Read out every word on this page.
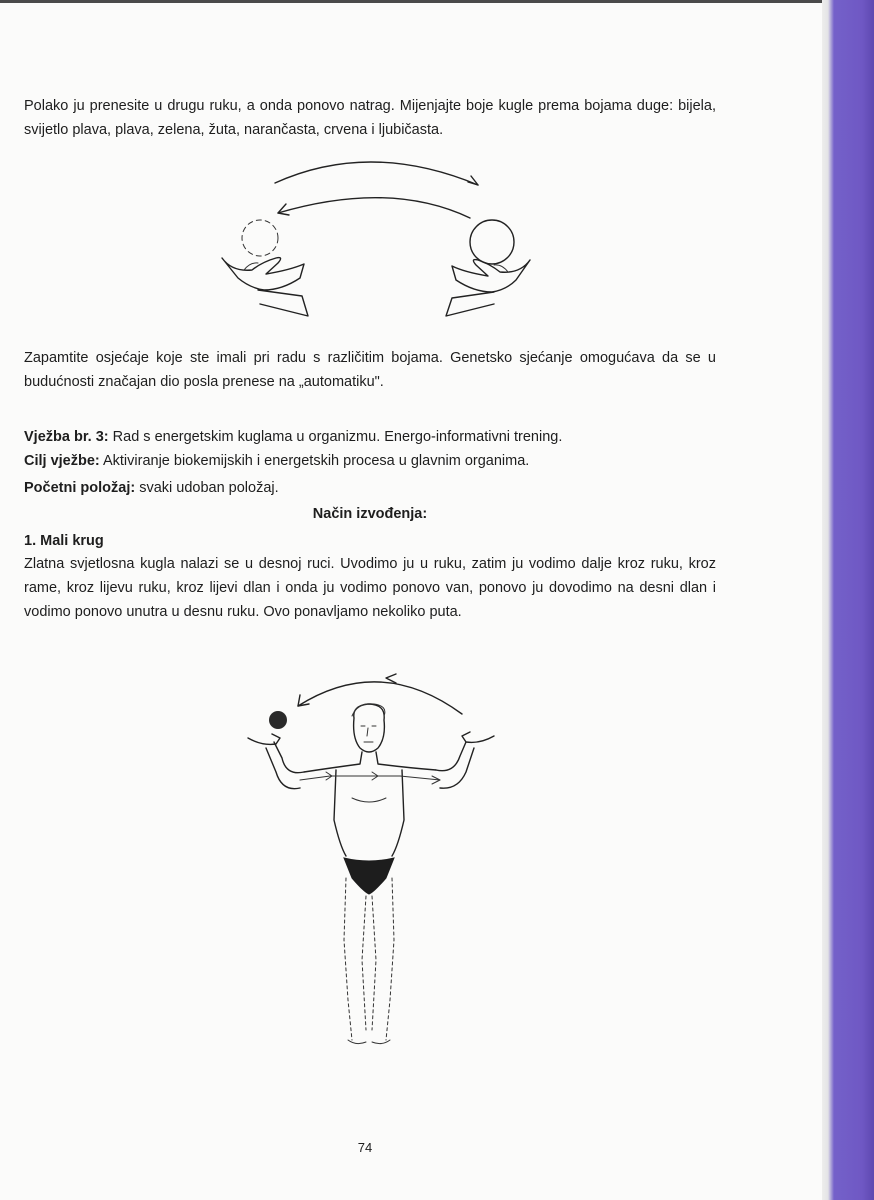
Polako ju prenesite u drugu ruku, a onda ponovo natrag. Mijenjajte boje kugle prema bojama duge: bijela, svijetlo plava, plava, zelena, žuta, narančasta, crvena i ljubičasta.

Zapamtite osjećaje koje ste imali pri radu s različitim bojama. Genetsko sjećanje omogućava da se u budućnosti značajan dio posla prenese na „automatiku".

Vježba br. 3: Rad s energetskim kuglama u organizmu. Energo-informativni trening.

Cilj vježbe: Aktiviranje biokemijskih i energetskih procesa u glavnim organima.

Početni položaj: svaki udoban položaj.

Način izvođenja:

1. Mali krug

Zlatna svjetlosna kugla nalazi se u desnoj ruci. Uvodimo ju u ruku, zatim ju vodimo dalje kroz ruku, kroz rame, kroz lijevu ruku, kroz lijevi dlan i onda ju vodimo ponovo van, ponovo ju dovodimo na desni dlan i vodimo ponovo unutra u desnu ruku. Ovo ponavljamo nekoliko puta.

74
